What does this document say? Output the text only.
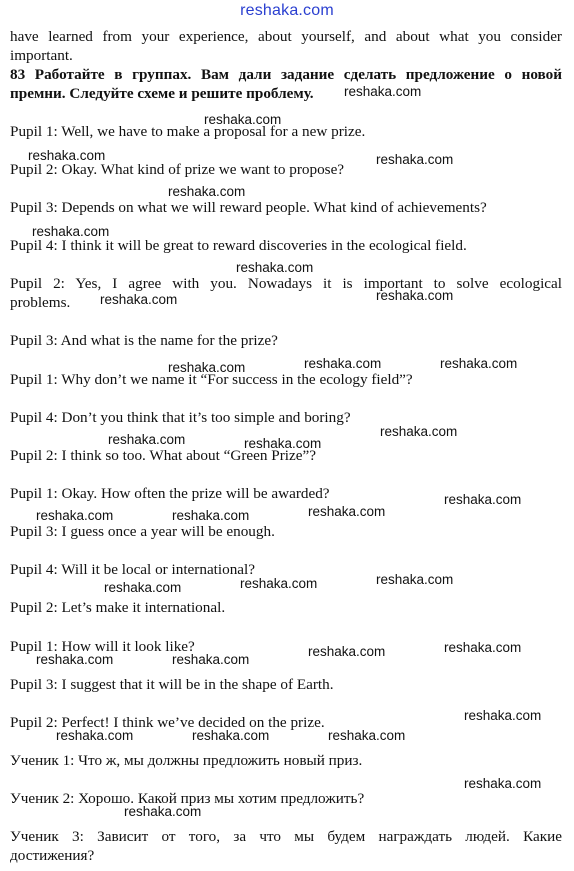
reshaka.com
have learned from your experience, about yourself, and about what you consider
important.
83 Работайте в группах. Вам дали задание сделать предложение о новой
премни. Следуйте схеме и решите проблему.
Pupil 1: Well, we have to make a proposal for a new prize.
Pupil 2: Okay. What kind of prize we want to propose?
Pupil 3: Depends on what we will reward people. What kind of achievements?
Pupil 4: I think it will be great to reward discoveries in the ecological field.
Pupil 2: Yes, I agree with you. Nowadays it is important to solve ecological
problems.
Pupil 3: And what is the name for the prize?
Pupil 1: Why don’t we name it “For success in the ecology field”?
Pupil 4: Don’t you think that it’s too simple and boring?
Pupil 2: I think so too. What about “Green Prize”?
Pupil 1: Okay. How often the prize will be awarded?
Pupil 3: I guess once a year will be enough.
Pupil 4: Will it be local or international?
Pupil 2: Let’s make it international.
Pupil 1: How will it look like?
Pupil 3: I suggest that it will be in the shape of Earth.
Pupil 2: Perfect! I think we’ve decided on the prize.
Ученик 1: Что ж, мы должны предложить новый приз.
Ученик 2: Хорошо. Какой приз мы хотим предложить?
Ученик 3: Зависит от того, за что мы будем награждать людей. Какие
достижения?
reshaka.com
reshaka.com
reshaka.com	reshaka.com
reshaka.com
reshaka.com
reshaka.com
reshaka.com
reshaka.com
reshaka.com	reshaka.com	reshaka.com
reshaka.com
reshaka.com	reshaka.com
reshaka.com
reshaka.com
reshaka.com	reshaka.com
reshaka.com
reshaka.com
reshaka.com
reshaka.com
reshaka.com
reshaka.com	reshaka.com
reshaka.com
reshaka.com	reshaka.com	reshaka.com
reshaka.com
reshaka.com
